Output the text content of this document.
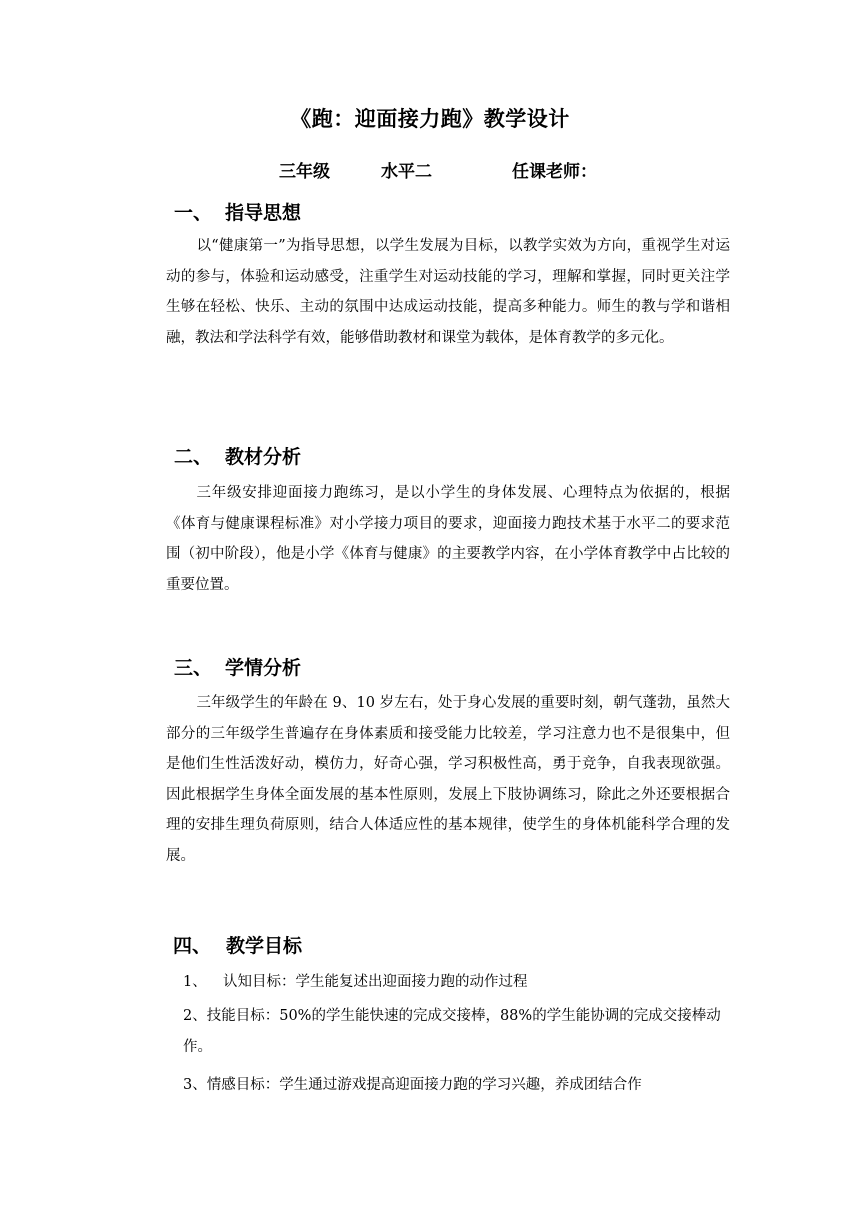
《跑：迎面接力跑》教学设计
三年级	水平二	任课老师：
一、 指导思想

以“健康第一”为指导思想，以学生发展为目标，以教学实效为方向，重视学生对运动的参与，体验和运动感受，注重学生对运动技能的学习，理解和掌握，同时更关注学生够在轻松、快乐、主动的氛围中达成运动技能，提高多种能力。师生的教与学和谐相融，教法和学法科学有效，能够借助教材和课堂为载体，是体育教学的多元化。

二、 教材分析

三年级安排迎面接力跑练习，是以小学生的身体发展、心理特点为依据的，根据《体育与健康课程标准》对小学接力项目的要求，迎面接力跑技术基于水平二的要求范围（初中阶段），他是小学《体育与健康》的主要教学内容，在小学体育教学中占比较的重要位置。

三、 学情分析

三年级学生的年龄在 9、10 岁左右，处于身心发展的重要时刻，朝气蓬勃，虽然大部分的三年级学生普遍存在身体素质和接受能力比较差，学习注意力也不是很集中，但是他们生性活泼好动，模仿力，好奇心强，学习积极性高，勇于竞争，自我表现欲强。因此根据学生身体全面发展的基本性原则，发展上下肢协调练习，除此之外还要根据合理的安排生理负荷原则，结合人体适应性的基本规律，使学生的身体机能科学合理的发展。

四、 教学目标

1、 认知目标：学生能复述出迎面接力跑的动作过程

2、技能目标：50%的学生能快速的完成交接棒，88%的学生能协调的完成交接棒动作。

3、情感目标：学生通过游戏提高迎面接力跑的学习兴趣，养成团结合作
